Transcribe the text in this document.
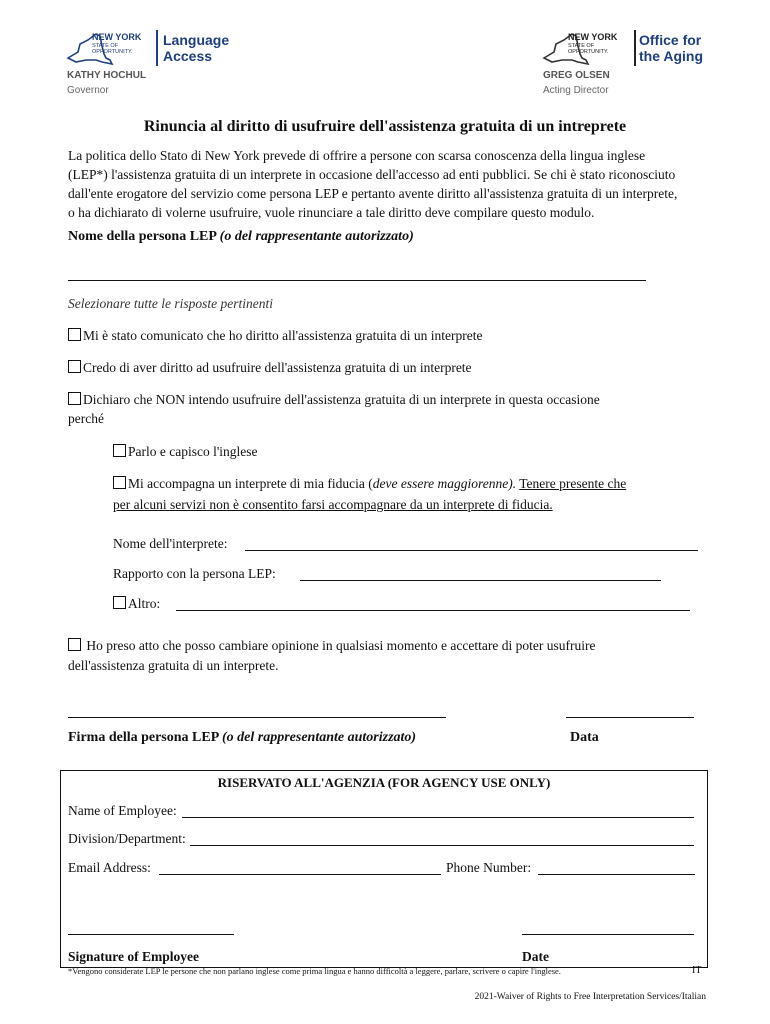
NEW YORK
STATE OF OPPORTUNITY.
Language Access
KATHY HOCHUL
Governor
NEW YORK
STATE OF OPPORTUNITY.
Office for the Aging
GREG OLSEN
Acting Director
Rinuncia al diritto di usufruire dell'assistenza gratuita di un intreprete
La politica dello Stato di New York prevede di offrire a persone con scarsa conoscenza della lingua inglese
(LEP*) l'assistenza gratuita di un interprete in occasione dell'accesso ad enti pubblici. Se chi è stato riconosciuto
dall'ente erogatore del servizio come persona LEP e pertanto avente diritto all'assistenza gratuita di un interprete,
o ha dichiarato di volerne usufruire, vuole rinunciare a tale diritto deve compilare questo modulo.
Nome della persona LEP (o del rappresentante autorizzato)
Selezionare tutte le risposte pertinenti
Mi è stato comunicato che ho diritto all'assistenza gratuita di un interprete
Credo di aver diritto ad usufruire dell'assistenza gratuita di un interprete
Dichiaro che NON intendo usufruire dell'assistenza gratuita di un interprete in questa occasione
perché
Parlo e capisco l'inglese
Mi accompagna un interprete di mia fiducia (deve essere maggiorenne). Tenere presente che
per alcuni servizi non è consentito farsi accompagnare da un interprete di fiducia.
Nome dell'interprete:
Rapporto con la persona LEP:
Altro:
Ho preso atto che posso cambiare opinione in qualsiasi momento e accettare di poter usufruire
dell'assistenza gratuita di un interprete.
Firma della persona LEP (o del rappresentante autorizzato)	Data
RISERVATO ALL'AGENZIA (FOR AGENCY USE ONLY)
Name of Employee:
Division/Department:
Email Address:	Phone Number:
Signature of Employee	Date
*Vengono considerate LEP le persone che non parlano inglese come prima lingua e hanno difficoltà a leggere, parlare, scrivere o capire l'inglese.	IT
2021-Waiver of Rights to Free Interpretation Services/Italian
